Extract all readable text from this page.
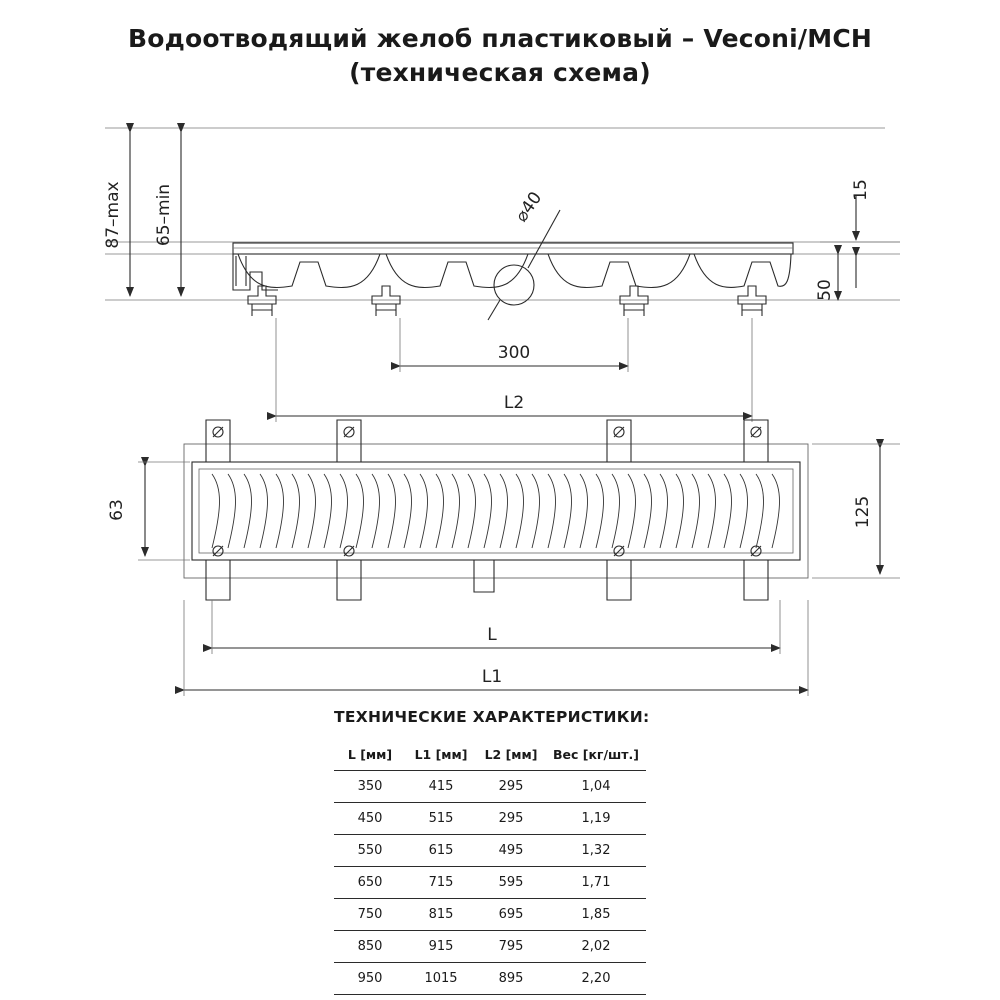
Водоотводящий желоб пластиковый – Veconi/MCH
(техническая схема)
87–max 65–min	15
50
⌀40
300
L2
63	125
L
L1
ТЕХНИЧЕСКИЕ ХАРАКТЕРИСТИКИ:
L [мм]	L1 [мм]	L2 [мм]	Вес [кг/шт.]
350	415	295	1,04
450	515	295	1,19
550	615	495	1,32
650	715	595	1,71
750	815	695	1,85
850	915	795	2,02
950	1015	895	2,20
